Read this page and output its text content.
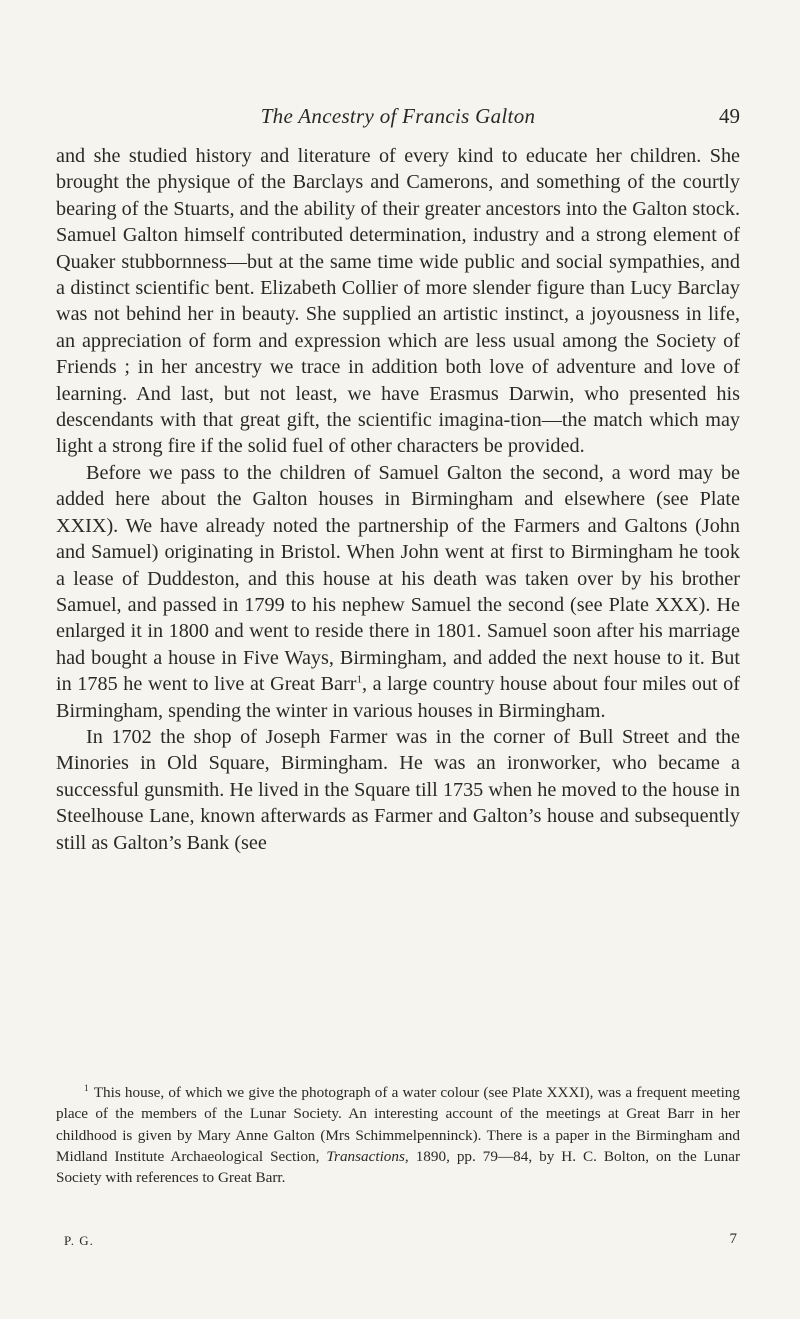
The Ancestry of Francis Galton	49

and she studied history and literature of every kind to educate her children. She brought the physique of the Barclays and Camerons, and something of the courtly bearing of the Stuarts, and the ability of their greater ancestors into the Galton stock. Samuel Galton himself contributed determination, industry and a strong element of Quaker stubbornness—but at the same time wide public and social sympathies, and a distinct scientific bent. Elizabeth Collier of more slender figure than Lucy Barclay was not behind her in beauty. She supplied an artistic instinct, a joyousness in life, an appreciation of form and expression which are less usual among the Society of Friends ; in her ancestry we trace in addition both love of adventure and love of learning. And last, but not least, we have Erasmus Darwin, who presented his descendants with that great gift, the scientific imagina-tion—the match which may light a strong fire if the solid fuel of other characters be provided.

Before we pass to the children of Samuel Galton the second, a word may be added here about the Galton houses in Birmingham and elsewhere (see Plate XXIX). We have already noted the partnership of the Farmers and Galtons (John and Samuel) originating in Bristol. When John went at first to Birmingham he took a lease of Duddeston, and this house at his death was taken over by his brother Samuel, and passed in 1799 to his nephew Samuel the second (see Plate XXX). He enlarged it in 1800 and went to reside there in 1801. Samuel soon after his marriage had bought a house in Five Ways, Birmingham, and added the next house to it. But in 1785 he went to live at Great Barr$^1$, a large country house about four miles out of Birmingham, spending the winter in various houses in Birmingham.

In 1702 the shop of Joseph Farmer was in the corner of Bull Street and the Minories in Old Square, Birmingham. He was an ironworker, who became a successful gunsmith. He lived in the Square till 1735 when he moved to the house in Steelhouse Lane, known afterwards as Farmer and Galton’s house and subsequently still as Galton’s Bank (see

$^1$ This house, of which we give the photograph of a water colour (see Plate XXXI), was a frequent meeting place of the members of the Lunar Society. An interesting account of the meetings at Great Barr in her childhood is given by Mary Anne Galton (Mrs Schimmelpenninck). There is a paper in the Birmingham and Midland Institute Archaeological Section, Transactions, 1890, pp. 79—84, by H. C. Bolton, on the Lunar Society with references to Great Barr.

P. G.	7
